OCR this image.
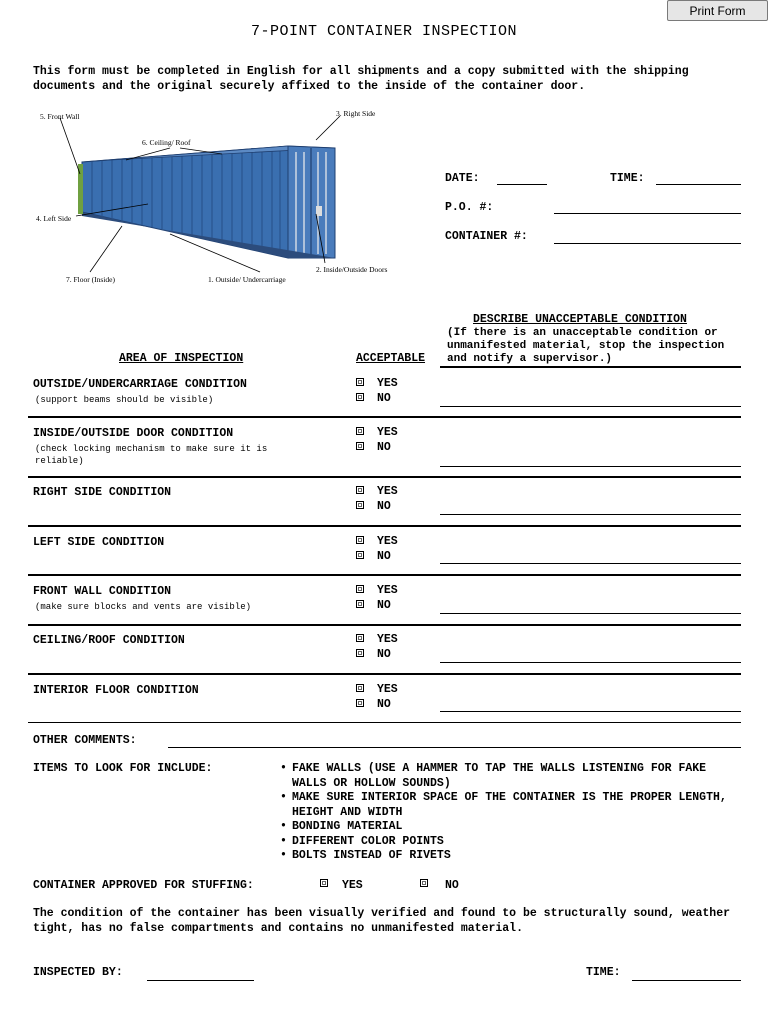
Print Form
7-POINT CONTAINER INSPECTION
This form must be completed in English for all shipments and a copy submitted with the shipping documents and the original securely affixed to the inside of the container door.
5. Front Wall
6. Ceiling/ Roof
3. Right Side
4. Left Side
7. Floor (Inside)	1. Outside/ Undercarriage
2. Inside/Outside Doors
DATE:	TIME:
P.O. #:
CONTAINER #:
DESCRIBE UNACCEPTABLE CONDITION
(If there is an unacceptable condition or unmanifested material, stop the inspection and notify a supervisor.)
AREA OF INSPECTION	ACCEPTABLE
OUTSIDE/UNDERCARRIAGE CONDITION
(support beams should be visible)
YES
NO
INSIDE/OUTSIDE DOOR CONDITION
(check locking mechanism to make sure it is reliable)
YES
NO
RIGHT SIDE CONDITION	YES
NO
LEFT SIDE CONDITION	YES
NO
FRONT WALL CONDITION
(make sure blocks and vents are visible)
YES
NO
CEILING/ROOF CONDITION	YES
NO
INTERIOR FLOOR CONDITION	YES
NO
OTHER COMMENTS:
ITEMS TO LOOK FOR INCLUDE:
•	FAKE WALLS (USE A HAMMER TO TAP THE WALLS LISTENING FOR FAKE WALLS OR HOLLOW SOUNDS)
• MAKE SURE INTERIOR SPACE OF THE CONTAINER IS THE PROPER LENGTH, HEIGHT AND WIDTH
• BONDING MATERIAL
• DIFFERENT COLOR POINTS
• BOLTS INSTEAD OF RIVETS
CONTAINER APPROVED FOR STUFFING:	YES	NO
The condition of the container has been visually verified and found to be structurally sound, weather tight, has no false compartments and contains no unmanifested material.
INSPECTED BY:	TIME:
